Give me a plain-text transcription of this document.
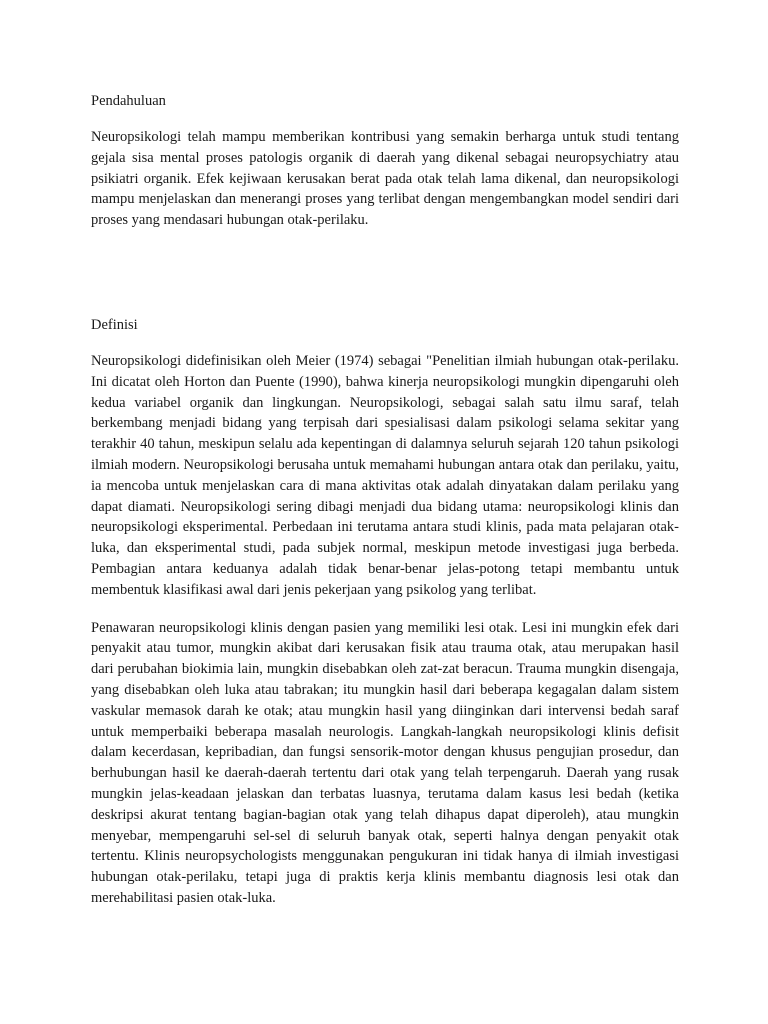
Pendahuluan

Neuropsikologi telah mampu memberikan kontribusi yang semakin berharga untuk studi tentang gejala sisa mental proses patologis organik di daerah yang dikenal sebagai neuropsychiatry atau psikiatri organik. Efek kejiwaan kerusakan berat pada otak telah lama dikenal, dan neuropsikologi mampu menjelaskan dan menerangi proses yang terlibat dengan mengembangkan model sendiri dari proses yang mendasari hubungan otak-perilaku.

Definisi

Neuropsikologi didefinisikan oleh Meier (1974) sebagai "Penelitian ilmiah hubungan otak-perilaku. Ini dicatat oleh Horton dan Puente (1990), bahwa kinerja neuropsikologi mungkin dipengaruhi oleh kedua variabel organik dan lingkungan. Neuropsikologi, sebagai salah satu ilmu saraf, telah berkembang menjadi bidang yang terpisah dari spesialisasi dalam psikologi selama sekitar yang terakhir 40 tahun, meskipun selalu ada kepentingan di dalamnya seluruh sejarah 120 tahun psikologi ilmiah modern. Neuropsikologi berusaha untuk memahami hubungan antara otak dan perilaku, yaitu, ia mencoba untuk menjelaskan cara di mana aktivitas otak adalah dinyatakan dalam perilaku yang dapat diamati. Neuropsikologi sering dibagi menjadi dua bidang utama: neuropsikologi klinis dan neuropsikologi eksperimental. Perbedaan ini terutama antara studi klinis, pada mata pelajaran otak-luka, dan eksperimental studi, pada subjek normal, meskipun metode investigasi juga berbeda. Pembagian antara keduanya adalah tidak benar-benar jelas-potong tetapi membantu untuk membentuk klasifikasi awal dari jenis pekerjaan yang psikolog yang terlibat.

Penawaran neuropsikologi klinis dengan pasien yang memiliki lesi otak. Lesi ini mungkin efek dari penyakit atau tumor, mungkin akibat dari kerusakan fisik atau trauma otak, atau merupakan hasil dari perubahan biokimia lain, mungkin disebabkan oleh zat-zat beracun. Trauma mungkin disengaja, yang disebabkan oleh luka atau tabrakan; itu mungkin hasil dari beberapa kegagalan dalam sistem vaskular memasok darah ke otak; atau mungkin hasil yang diinginkan dari intervensi bedah saraf untuk memperbaiki beberapa masalah neurologis. Langkah-langkah neuropsikologi klinis defisit dalam kecerdasan, kepribadian, dan fungsi sensorik-motor dengan khusus pengujian prosedur, dan berhubungan hasil ke daerah-daerah tertentu dari otak yang telah terpengaruh. Daerah yang rusak mungkin jelas-keadaan jelaskan dan terbatas luasnya, terutama dalam kasus lesi bedah (ketika deskripsi akurat tentang bagian-bagian otak yang telah dihapus dapat diperoleh), atau mungkin menyebar, mempengaruhi sel-sel di seluruh banyak otak, seperti halnya dengan penyakit otak tertentu. Klinis neuropsychologists menggunakan pengukuran ini tidak hanya di ilmiah investigasi hubungan otak-perilaku, tetapi juga di praktis kerja klinis membantu diagnosis lesi otak dan merehabilitasi pasien otak-luka.
